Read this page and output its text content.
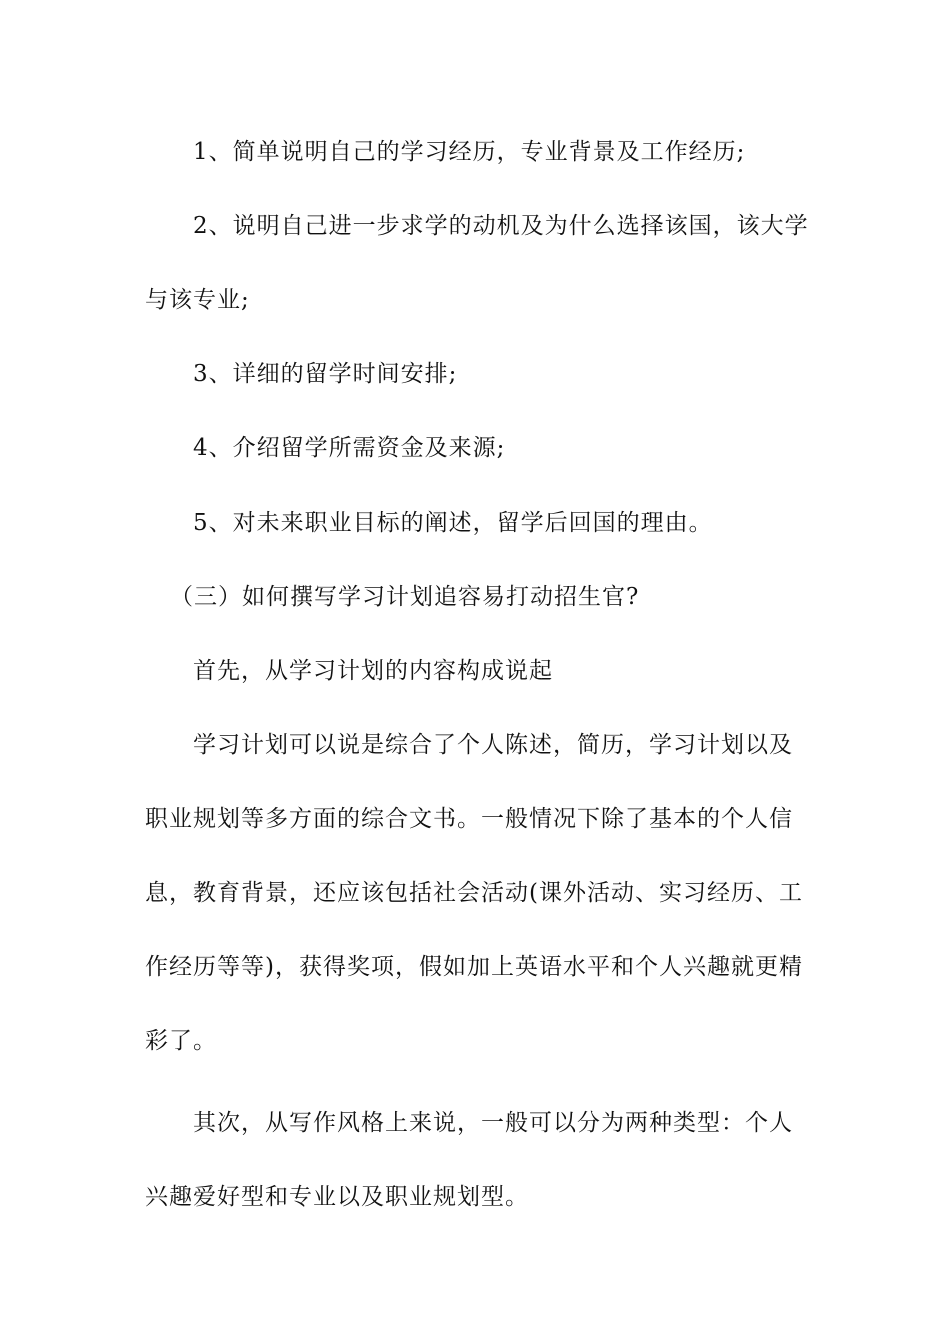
1、简单说明自己的学习经历，专业背景及工作经历;
2、说明自己进一步求学的动机及为什么选择该国，该大学
与该专业;
3、详细的留学时间安排;
4、介绍留学所需资金及来源;
5、对未来职业目标的阐述，留学后回国的理由。
（三）如何撰写学习计划追容易打动招生官?
首先，从学习计划的内容构成说起
学习计划可以说是综合了个人陈述，简历，学习计划以及
职业规划等多方面的综合文书。一般情况下除了基本的个人信
息，教育背景，还应该包括社会活动(课外活动、实习经历、工
作经历等等)，获得奖项，假如加上英语水平和个人兴趣就更精
彩了。
其次，从写作风格上来说，一般可以分为两种类型：个人
兴趣爱好型和专业以及职业规划型。
